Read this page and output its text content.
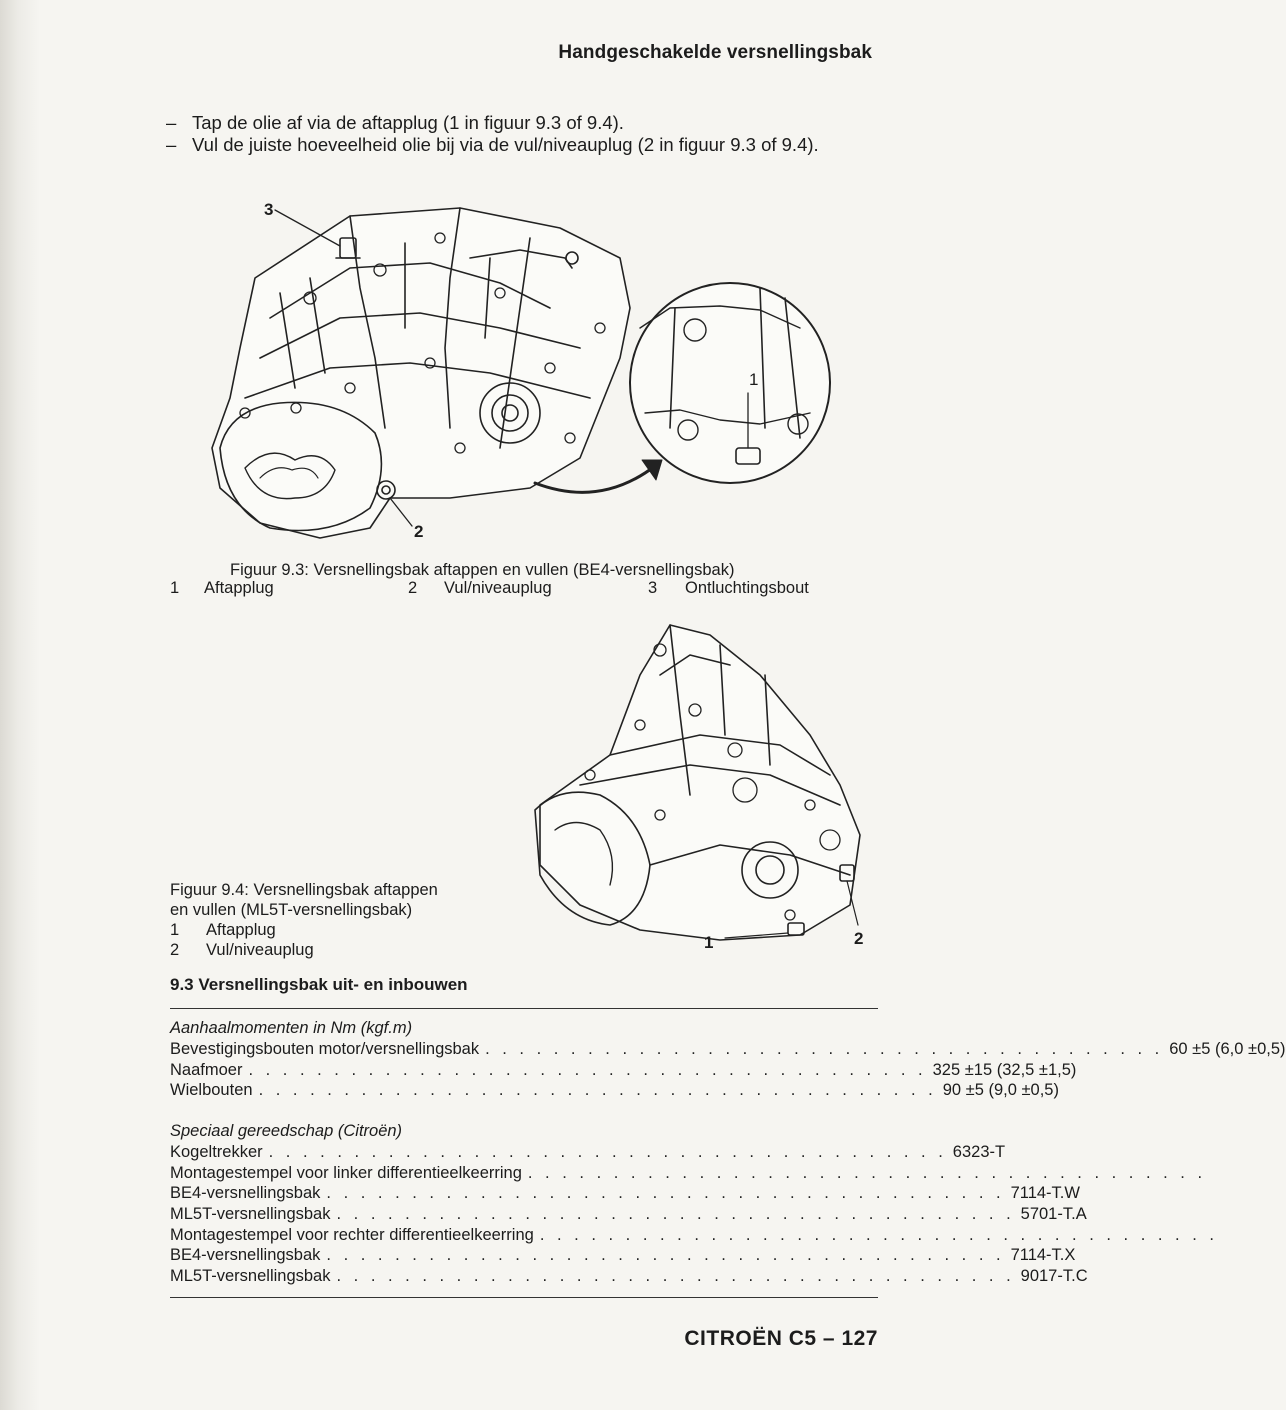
Handgeschakelde versnellingsbak
– Tap de olie af via de aftapplug (1 in figuur 9.3 of 9.4).
– Vul de juiste hoeveelheid olie bij via de vul/niveauplug (2 in figuur 9.3 of 9.4).
3
2
1
Figuur 9.3: Versnellingsbak aftappen en vullen (BE4-versnellingsbak)
1 Aftapplug	2 Vul/niveauplug	3 Ontluchtingsbout
1	2
Figuur 9.4: Versnellingsbak aftappen
en vullen (ML5T-versnellingsbak)
1 Aftapplug
2 Vul/niveauplug
9.3 Versnellingsbak uit- en inbouwen
Aanhaalmomenten in Nm (kgf.m)
Bevestigingsbouten motor/versnellingsbak . . . . . . . . . . . . . . . . . . . . . . . . . . . . . . . . . . . . . . . . 60 ±5 (6,0 ±0,5)
Naafmoer . . . . . . . . . . . . . . . . . . . . . . . . . . . . . . . . . . . . . . . . 325 ±15 (32,5 ±1,5)
Wielbouten . . . . . . . . . . . . . . . . . . . . . . . . . . . . . . . . . . . . . . . . 90 ±5 (9,0 ±0,5)
Speciaal gereedschap (Citroën)
Kogeltrekker . . . . . . . . . . . . . . . . . . . . . . . . . . . . . . . . . . . . . . . . 6323-T
Montagestempel voor linker differentieelkeerring . . . . . . . . . . . . . . . . . . . . . . . . . . . . . . . . . . . . . . . .
BE4-versnellingsbak . . . . . . . . . . . . . . . . . . . . . . . . . . . . . . . . . . . . . . . . 7114-T.W
ML5T-versnellingsbak . . . . . . . . . . . . . . . . . . . . . . . . . . . . . . . . . . . . . . . . 5701-T.A
Montagestempel voor rechter differentieelkeerring . . . . . . . . . . . . . . . . . . . . . . . . . . . . . . . . . . . . . . . .
BE4-versnellingsbak . . . . . . . . . . . . . . . . . . . . . . . . . . . . . . . . . . . . . . . . 7114-T.X
ML5T-versnellingsbak . . . . . . . . . . . . . . . . . . . . . . . . . . . . . . . . . . . . . . . . 9017-T.C
CITROËN C5 – 127
